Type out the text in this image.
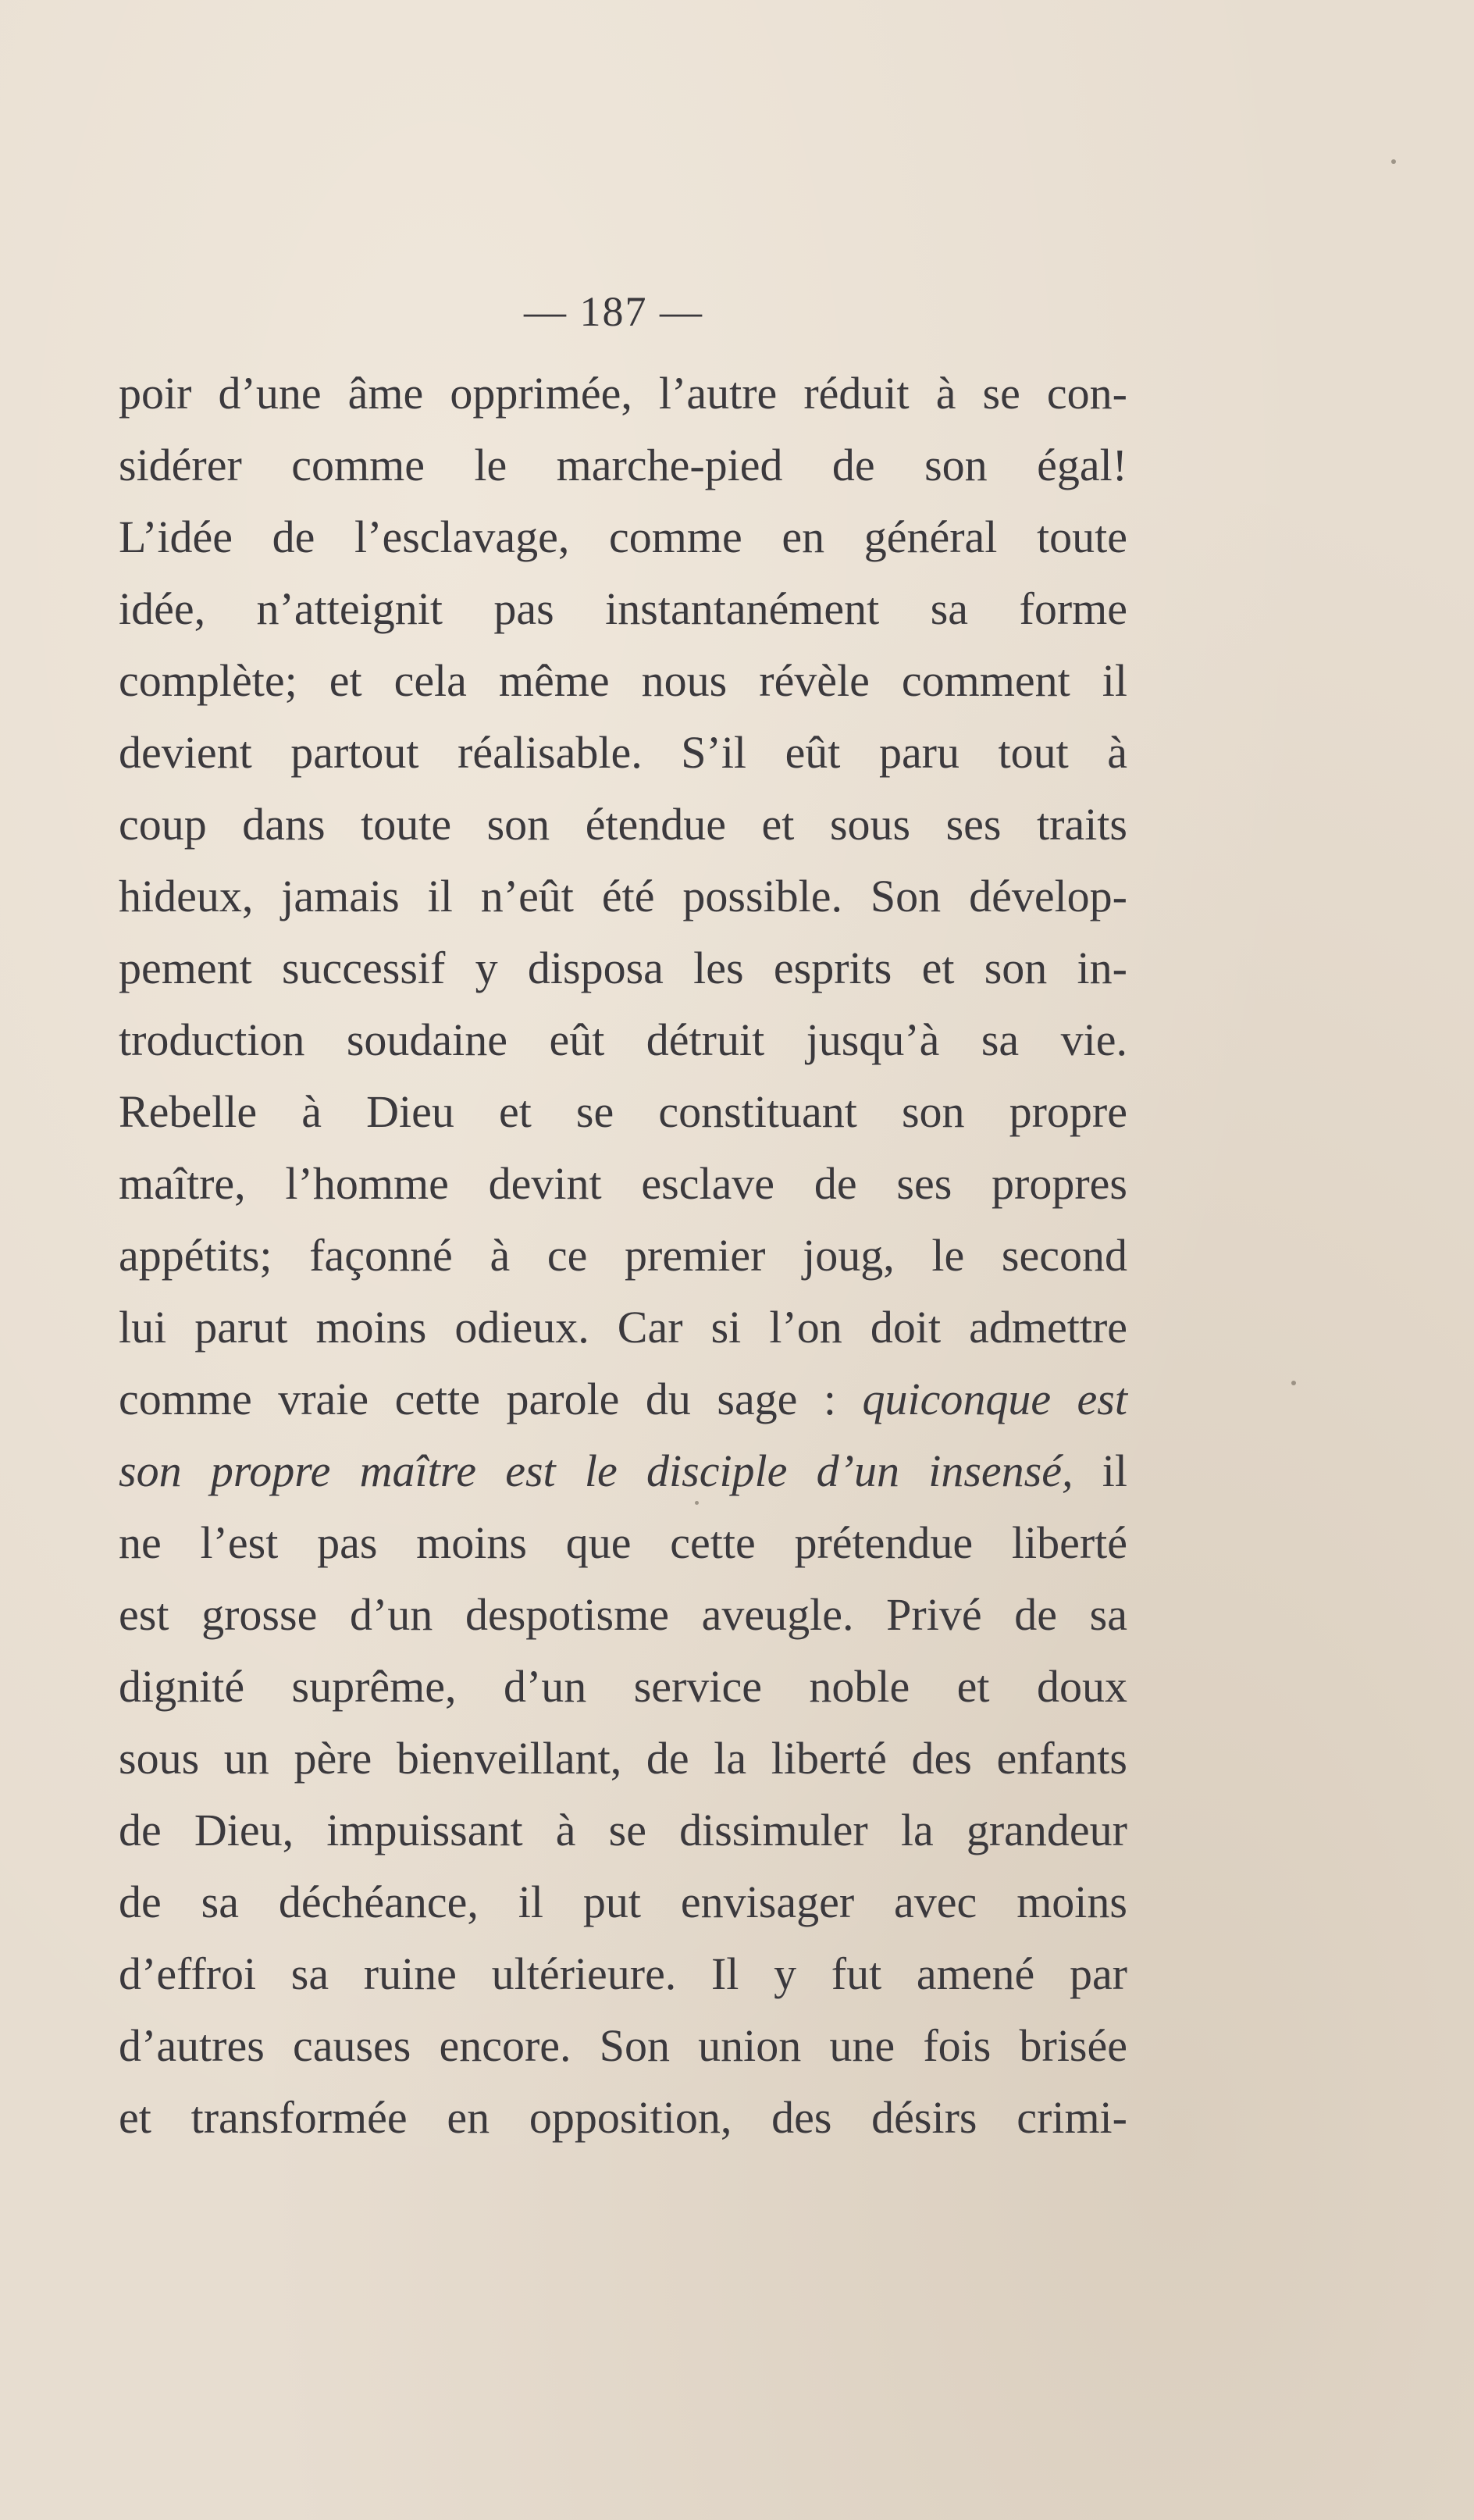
— 187 —
poir d’une âme opprimée, l’autre réduit à se con-
sidérer comme le marche-pied de son égal!
L’idée de l’esclavage, comme en général toute
idée, n’atteignit pas instantanément sa forme
complète; et cela même nous révèle comment il
devient partout réalisable. S’il eût paru tout à
coup dans toute son étendue et sous ses traits
hideux, jamais il n’eût été possible. Son dévelop-
pement successif y disposa les esprits et son in-
troduction soudaine eût détruit jusqu’à sa vie.
Rebelle à Dieu et se constituant son propre
maître, l’homme devint esclave de ses propres
appétits; façonné à ce premier joug, le second
lui parut moins odieux. Car si l’on doit admettre
comme vraie cette parole du sage : quiconque est
son propre maître est le disciple d’un insensé, il
ne l’est pas moins que cette prétendue liberté
est grosse d’un despotisme aveugle. Privé de sa
dignité suprême, d’un service noble et doux
sous un père bienveillant, de la liberté des enfants
de Dieu, impuissant à se dissimuler la grandeur
de sa déchéance, il put envisager avec moins
d’effroi sa ruine ultérieure. Il y fut amené par
d’autres causes encore. Son union une fois brisée
et transformée en opposition, des désirs crimi-
